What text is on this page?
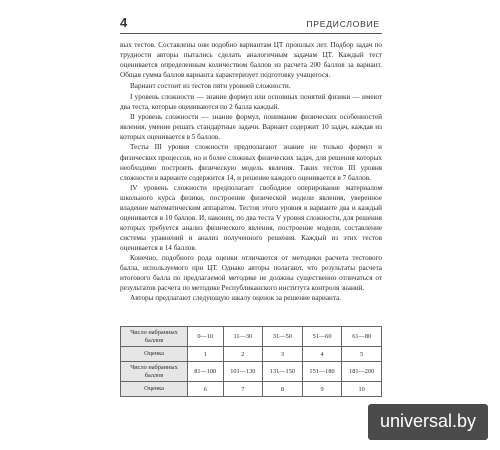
4	ПРЕДИСЛОВИЕ

вых тестов. Составлены они подобно вариантам ЦТ прошлых лет. Подбор задач по трудности авторы пытались сделать аналогичным задачам ЦТ. Каждый тест оценивается определенным количеством баллов из расчета 200 баллов за вариант. Общая сумма баллов варианта характеризует подготовку учащегося.

Вариант состоит из тестов пяти уровней сложности.

I уровень сложности — знание формул или основных понятий физики — имеют два теста, которые оцениваются по 2 балла каждый.

II уровень сложности — знание формул, понимание физических особенностей явления, умение решать стандартные задачи. Вариант содержит 10 задач, каждая из которых оценивается в 5 баллов.

Тесты III уровня сложности предполагают знание не только формул и физических процессов, но и более сложных физических задач, для решения которых необходимо построить физическую модель явления. Таких тестов III уровня сложности в варианте содержится 14, и решение каждого оценивается в 7 баллов.

IV уровень сложности предполагает свободное оперирование материалом школьного курса физики, построение физической модели явления, уверенное владение математическим аппаратом. Тестов этого уровня в варианте два и каждый оценивается в 10 баллов. И, наконец, по два теста V уровня сложности, для решения которых требуется анализ физического явления, построение модели, составление системы уравнений и анализ полученного решения. Каждый из этих тестов оценивается в 14 баллов.

Конечно, подобного рода оценки отличаются от методики расчета тестового балла, используемого при ЦТ. Однако авторы полагают, что результаты расчета итогового балла по предлагаемой методике не должны существенно отличаться от результатов расчета по методике Республиканского института контроля знаний.

Авторы предлагают следующую шкалу оценок за решение варианта.

Число набранных баллов	0—10	11—30	31—50	51—60	61—80
Оценка	1	2	3	4	5
Число набранных баллов	81—100	101—130	131—150	151—180	181—200
Оценка	6	7	8	9	10
universal.by
